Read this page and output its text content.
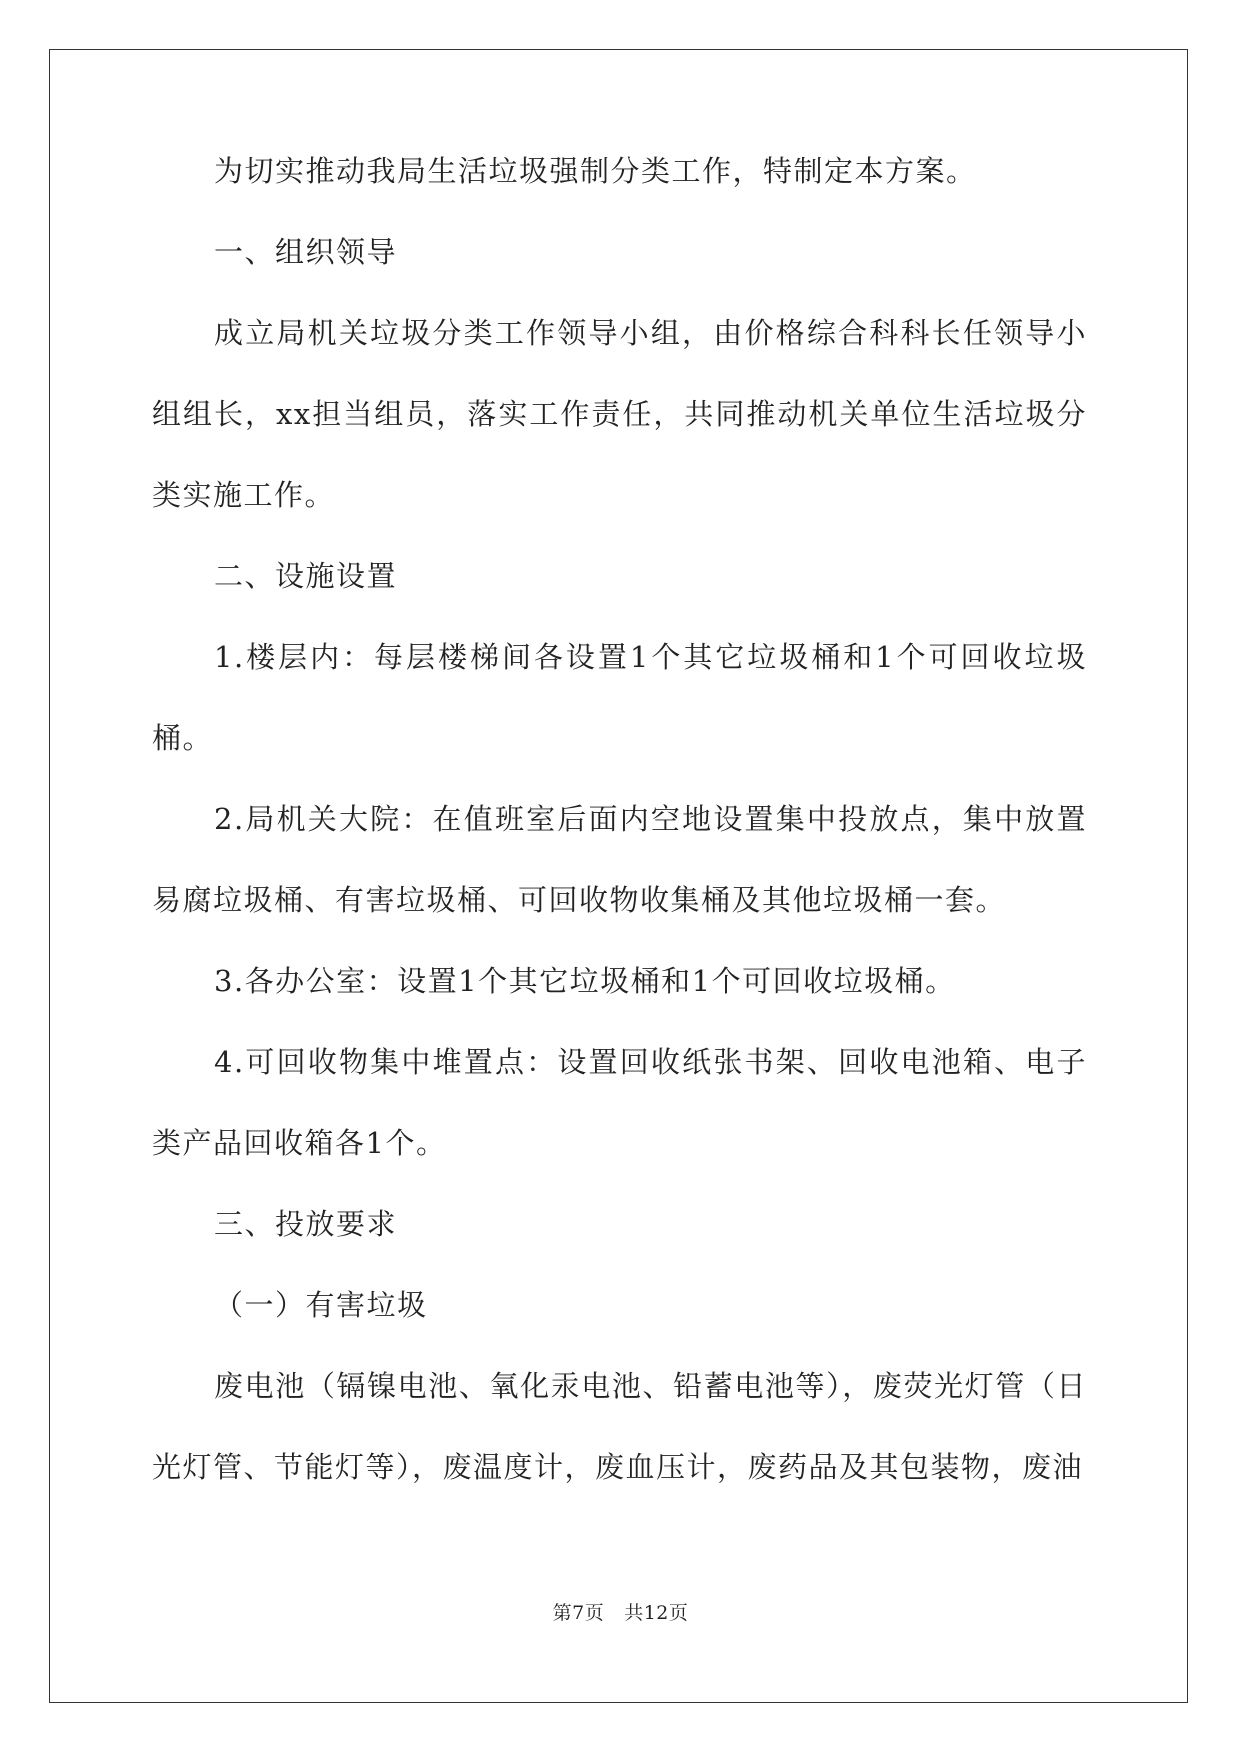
为切实推动我局生活垃圾强制分类工作，特制定本方案。

一、组织领导

成立局机关垃圾分类工作领导小组，由价格综合科科长任领导小组组长，xx担当组员，落实工作责任，共同推动机关单位生活垃圾分类实施工作。

二、设施设置

1.楼层内：每层楼梯间各设置1个其它垃圾桶和1个可回收垃圾桶。

2.局机关大院：在值班室后面内空地设置集中投放点，集中放置易腐垃圾桶、有害垃圾桶、可回收物收集桶及其他垃圾桶一套。

3.各办公室：设置1个其它垃圾桶和1个可回收垃圾桶。

4.可回收物集中堆置点：设置回收纸张书架、回收电池箱、电子类产品回收箱各1个。

三、投放要求

（一）有害垃圾

废电池（镉镍电池、氧化汞电池、铅蓄电池等），废荧光灯管（日光灯管、节能灯等），废温度计，废血压计，废药品及其包装物，废油

第7页 共12页
